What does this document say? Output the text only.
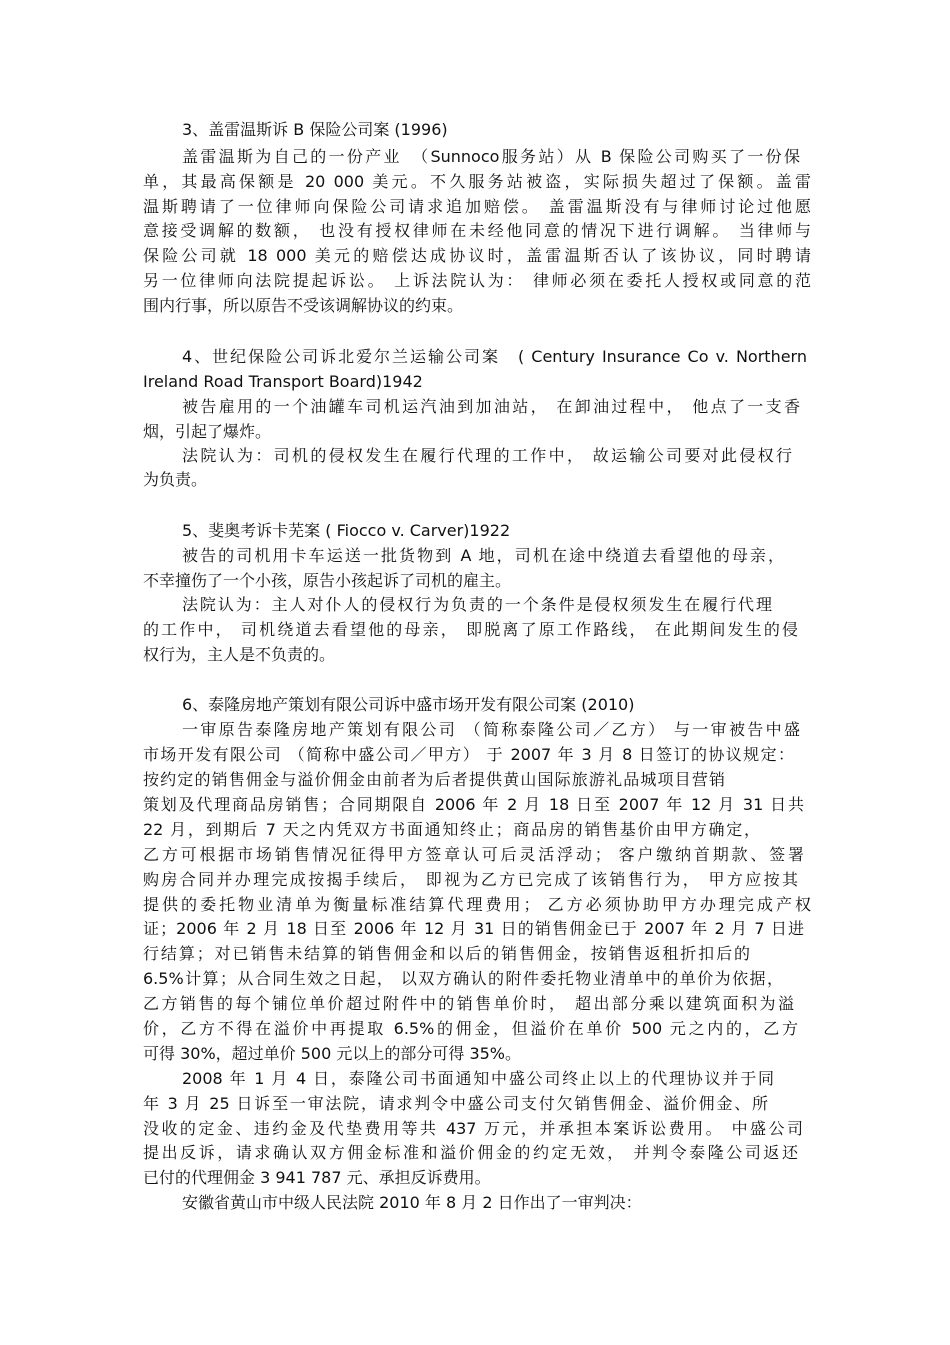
3、盖雷温斯诉 B 保险公司案 (1996)
盖雷温斯为自己的一份产业　（Sunnoco服务站）从 B 保险公司购买了一份保
单，其最高保额是 20 000 美元。不久服务站被盗，实际损失超过了保额。盖雷
温斯聘请了一位律师向保险公司请求追加赔偿。 盖雷温斯没有与律师讨论过他愿
意接受调解的数额， 也没有授权律师在未经他同意的情况下进行调解。 当律师与
保险公司就 18 000 美元的赔偿达成协议时，盖雷温斯否认了该协议，同时聘请
另一位律师向法院提起诉讼。 上诉法院认为： 律师必须在委托人授权或同意的范
围内行事，所以原告不受该调解协议的约束。
4、世纪保险公司诉北爱尔兰运输公司案　( Century Insurance Co v. Northern
Ireland Road Transport Board)1942
被告雇用的一个油罐车司机运汽油到加油站， 在卸油过程中， 他点了一支香
烟，引起了爆炸。
法院认为：司机的侵权发生在履行代理的工作中， 故运输公司要对此侵权行
为负责。
5、斐奥考诉卡芜案 ( Fiocco v. Carver)1922
被告的司机用卡车运送一批货物到 A 地，司机在途中绕道去看望他的母亲，
不幸撞伤了一个小孩，原告小孩起诉了司机的雇主。
法院认为：主人对仆人的侵权行为负责的一个条件是侵权须发生在履行代理
的工作中， 司机绕道去看望他的母亲， 即脱离了原工作路线， 在此期间发生的侵
权行为，主人是不负责的。
6、泰隆房地产策划有限公司诉中盛市场开发有限公司案 (2010)
一审原告泰隆房地产策划有限公司 （简称泰隆公司／乙方） 与一审被告中盛
市场开发有限公司 （简称中盛公司／甲方） 于 2007 年 3 月 8 日签订的协议规定：
按约定的销售佣金与溢价佣金由前者为后者提供黄山国际旅游礼品城项目营销
策划及代理商品房销售；合同期限自 2006 年 2 月 18 日至 2007 年 12 月 31 日共
22 月，到期后 7 天之内凭双方书面通知终止；商品房的销售基价由甲方确定，
乙方可根据市场销售情况征得甲方签章认可后灵活浮动； 客户缴纳首期款、签署
购房合同并办理完成按揭手续后， 即视为乙方已完成了该销售行为， 甲方应按其
提供的委托物业清单为衡量标准结算代理费用； 乙方必须协助甲方办理完成产权
证；2006 年 2 月 18 日至 2006 年 12 月 31 日的销售佣金已于 2007 年 2 月 7 日进
行结算；对已销售未结算的销售佣金和以后的销售佣金，按销售返租折扣后的
6.5%计算；从合同生效之日起， 以双方确认的附件委托物业清单中的单价为依据，
乙方销售的每个铺位单价超过附件中的销售单价时， 超出部分乘以建筑面积为溢
价，乙方不得在溢价中再提取 6.5%的佣金，但溢价在单价 500 元之内的，乙方
可得 30%，超过单价 500 元以上的部分可得 35%。
2008 年 1 月 4 日，泰隆公司书面通知中盛公司终止以上的代理协议并于同
年 3 月 25 日诉至一审法院，请求判令中盛公司支付欠销售佣金、溢价佣金、所
没收的定金、违约金及代垫费用等共 437 万元，并承担本案诉讼费用。 中盛公司
提出反诉，请求确认双方佣金标准和溢价佣金的约定无效， 并判令泰隆公司返还
已付的代理佣金 3 941 787 元、承担反诉费用。
安徽省黄山市中级人民法院 2010 年 8 月 2 日作出了一审判决：
